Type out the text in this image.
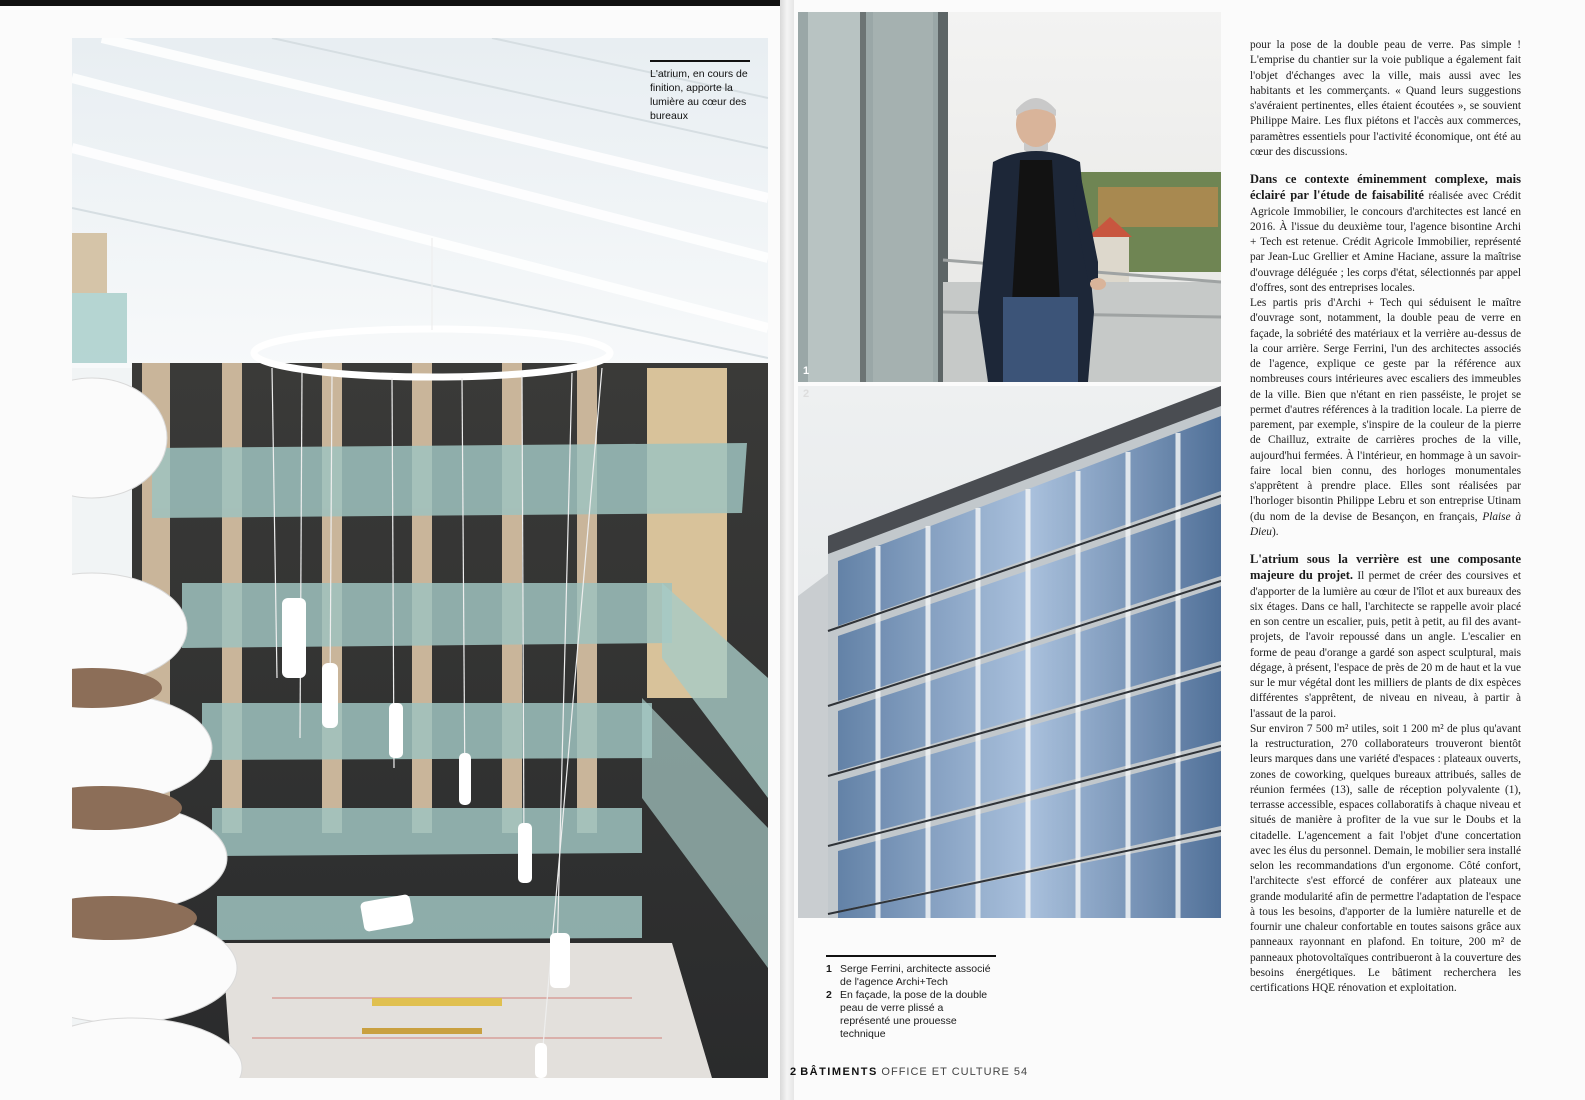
L'atrium, en cours de finition, apporte la lumière au cœur des bureaux
1
2
1 Serge Ferrini, architecte associé de l'agence Archi+Tech
2 En façade, la pose de la double peau de verre plissé a représenté une prouesse technique

pour la pose de la double peau de verre. Pas simple ! L'emprise du chantier sur la voie publique a également fait l'objet d'échanges avec la ville, mais aussi avec les habitants et les commerçants. « Quand leurs suggestions s'avéraient pertinentes, elles étaient écoutées », se souvient Philippe Maire. Les flux piétons et l'accès aux commerces, paramètres essentiels pour l'activité économique, ont été au cœur des discussions.

Dans ce contexte éminemment complexe, mais éclairé par l'étude de faisabilité réalisée avec Crédit Agricole Immobilier, le concours d'architectes est lancé en 2016. À l'issue du deuxième tour, l'agence bisontine Archi + Tech est retenue. Crédit Agricole Immobilier, représenté par Jean-Luc Grellier et Amine Haciane, assure la maîtrise d'ouvrage déléguée ; les corps d'état, sélectionnés par appel d'offres, sont des entreprises locales.

Les partis pris d'Archi + Tech qui séduisent le maître d'ouvrage sont, notamment, la double peau de verre en façade, la sobriété des matériaux et la verrière au-dessus de la cour arrière. Serge Ferrini, l'un des architectes associés de l'agence, explique ce geste par la référence aux nombreuses cours intérieures avec escaliers des immeubles de la ville. Bien que n'étant en rien passéiste, le projet se permet d'autres références à la tradition locale. La pierre de parement, par exemple, s'inspire de la couleur de la pierre de Chailluz, extraite de carrières proches de la ville, aujourd'hui fermées. À l'intérieur, en hommage à un savoir-faire local bien connu, des horloges monumentales s'apprêtent à prendre place. Elles sont réalisées par l'horloger bisontin Philippe Lebru et son entreprise Utinam (du nom de la devise de Besançon, en français, Plaise à Dieu).

L'atrium sous la verrière est une composante majeure du projet. Il permet de créer des coursives et d'apporter de la lumière au cœur de l'îlot et aux bureaux des six étages. Dans ce hall, l'architecte se rappelle avoir placé en son centre un escalier, puis, petit à petit, au fil des avant-projets, de l'avoir repoussé dans un angle. L'escalier en forme de peau d'orange a gardé son aspect sculptural, mais dégage, à présent, l'espace de près de 20 m de haut et la vue sur le mur végétal dont les milliers de plants de dix espèces différentes s'apprêtent, de niveau en niveau, à partir à l'assaut de la paroi.

Sur environ 7 500 m² utiles, soit 1 200 m² de plus qu'avant la restructuration, 270 collaborateurs trouveront bientôt leurs marques dans une variété d'espaces : plateaux ouverts, zones de coworking, quelques bureaux attribués, salles de réunion fermées (13), salle de réception polyvalente (1), terrasse accessible, espaces collaboratifs à chaque niveau et situés de manière à profiter de la vue sur le Doubs et la citadelle. L'agencement a fait l'objet d'une concertation avec les élus du personnel. Demain, le mobilier sera installé selon les recommandations d'un ergonome. Côté confort, l'architecte s'est efforcé de conférer aux plateaux une grande modularité afin de permettre l'adaptation de l'espace à tous les besoins, d'apporter de la lumière naturelle et de fournir une chaleur confortable en toutes saisons grâce aux panneaux rayonnant en plafond. En toiture, 200 m² de panneaux photovoltaïques contribueront à la couverture des besoins énergétiques. Le bâtiment recherchera les certifications HQE rénovation et exploitation.

2 BÂTIMENTS OFFICE ET CULTURE 54
